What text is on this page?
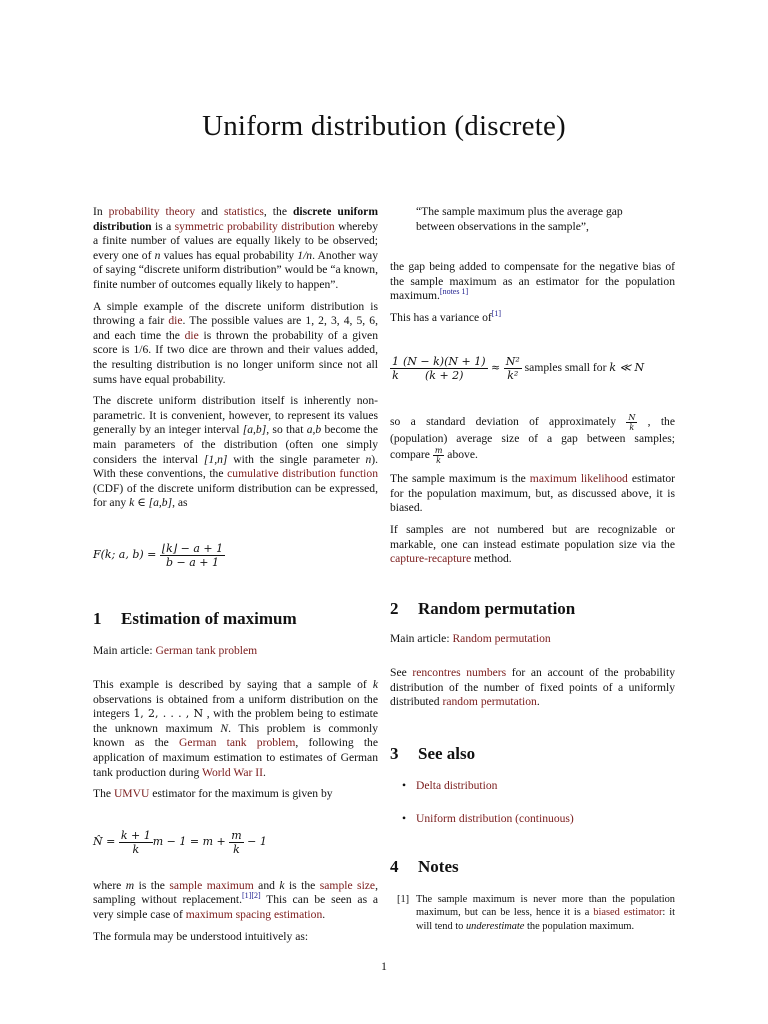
Uniform distribution (discrete)

In probability theory and statistics, the discrete uniform distribution is a symmetric probability distribution whereby a finite number of values are equally likely to be observed; every one of n values has equal probability 1/n. Another way of saying “discrete uniform distribution” would be “a known, finite number of outcomes equally likely to happen”.

A simple example of the discrete uniform distribution is throwing a fair die. The possible values are 1, 2, 3, 4, 5, 6, and each time the die is thrown the probability of a given score is 1/6. If two dice are thrown and their values added, the resulting distribution is no longer uniform since not all sums have equal probability.

The discrete uniform distribution itself is inherently non-parametric. It is convenient, however, to represent its values generally by an integer interval [a,b], so that a,b become the main parameters of the distribution (often one simply considers the interval [1,n] with the single parameter n). With these conventions, the cumulative distribution function (CDF) of the discrete uniform distribution can be expressed, for any k ∈ [a,b], as

F(k; a, $b) = \frac{⌊k⌋ - a + 1}{b - a + 1}$
1 Estimation of maximum

Main article: German tank problem

This example is described by saying that a sample of k observations is obtained from a uniform distribution on the integers 1, 2, . . . , N , with the problem being to estimate the unknown maximum N. This problem is commonly known as the German tank problem, following the application of maximum estimation to estimates of German tank production during World War II.

The UMVU estimator for the maximum is given by

N̂ = $\frac{k + 1}{k}$ $m - 1 = m + \frac{m}{k} - 1$

where m is the sample maximum and k is the sample size, sampling without replacement.[1][2] This can be seen as a very simple case of maximum spacing estimation.

The formula may be understood intuitively as:

“The sample maximum plus the average gap between observations in the sample”,

the gap being added to compensate for the negative bias of the sample maximum as an estimator for the population maximum.[notes 1]

This has a variance of[1]

$\frac{1}{k} \frac{(N - k)(N + 1)}{(k + 2)} \approx \frac{\text{N²}}{\text{k²}}$ samples small for k ≪ N

so a standard deviation of approximately $\frac{N}{k}$ , the (population) average size of a gap between samples; compare $\frac{m}{k}$ above.

The sample maximum is the maximum likelihood estimator for the population maximum, but, as discussed above, it is biased.

If samples are not numbered but are recognizable or markable, one can instead estimate population size via the capture-recapture method.

2 Random permutation

Main article: Random permutation

See rencontres numbers for an account of the probability distribution of the number of fixed points of a uniformly distributed random permutation.

3 See also
• Delta distribution
• Uniform distribution (continuous)
4 Notes
[1] The sample maximum is never more than the population maximum, but can be less, hence it is a biased estimator: it will tend to underestimate the population maximum.
1
